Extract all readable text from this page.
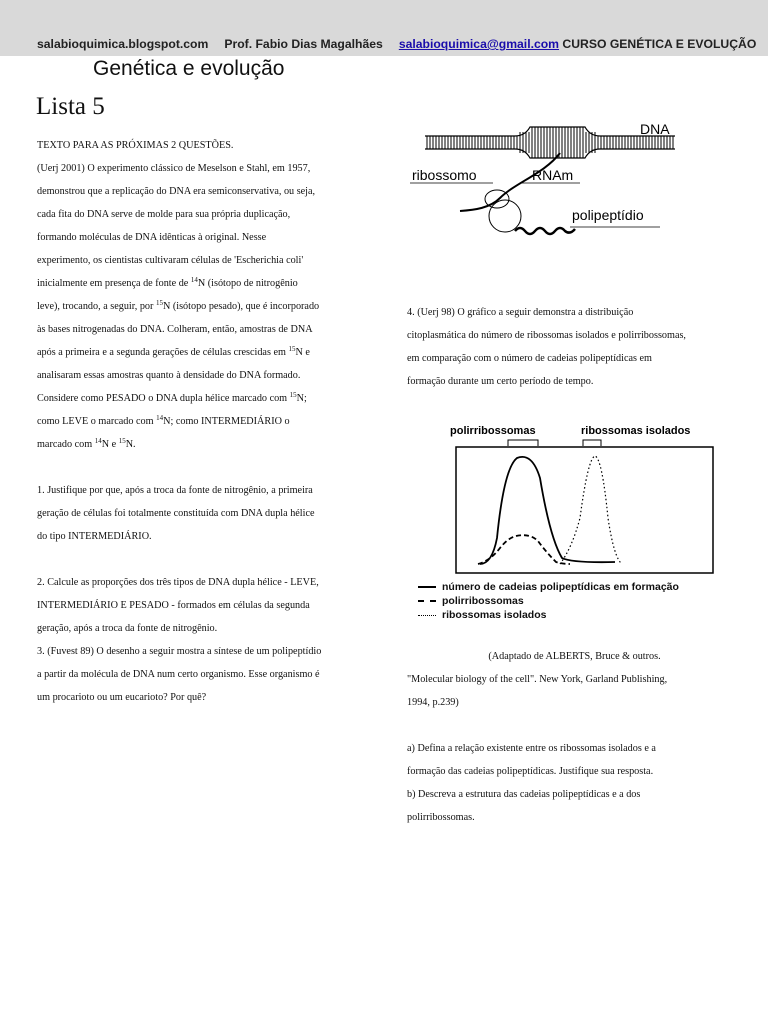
salabioquimica.blogspot.com Prof. Fabio Dias Magalhães salabioquimica@gmail.com CURSO GENÉTICA E EVOLUÇÃO
Genética e evolução
Lista 5

TEXTO PARA AS PRÓXIMAS 2 QUESTÕES.

(Uerj 2001) O experimento clássico de Meselson e Stahl, em 1957,

demonstrou que a replicação do DNA era semiconservativa, ou seja,

cada fita do DNA serve de molde para sua própria duplicação,

formando moléculas de DNA idênticas à original. Nesse

experimento, os cientistas cultivaram células de 'Escherichia coli'

inicialmente em presença de fonte de $^{14}$N (isótopo de nitrogênio

leve), trocando, a seguir, por $^{15}$N (isótopo pesado), que é incorporado

às bases nitrogenadas do DNA. Colheram, então, amostras de DNA

após a primeira e a segunda gerações de células crescidas em $^{15}$N e

analisaram essas amostras quanto à densidade do DNA formado.

Considere como PESADO o DNA dupla hélice marcado com $^{15}$N;

como LEVE o marcado com $^{14}$N; como INTERMEDIÁRIO o

marcado com $^{14}$N e $^{15}$N.

1. Justifique por que, após a troca da fonte de nitrogênio, a primeira

geração de células foi totalmente constituída com DNA dupla hélice

do tipo INTERMEDIÁRIO.

2. Calcule as proporções dos três tipos de DNA dupla hélice - LEVE,

INTERMEDIÁRIO E PESADO - formados em células da segunda

geração, após a troca da fonte de nitrogênio.

3. (Fuvest 89) O desenho a seguir mostra a síntese de um polipeptídio

a partir da molécula de DNA num certo organismo. Esse organismo é

um procarioto ou um eucarioto? Por quê?

DNA
ribossomo	RNAm
polipeptídio

4. (Uerj 98) O gráfico a seguir demonstra a distribuição

citoplasmática do número de ribossomas isolados e polirribossomas,

em comparação com o número de cadeias polipeptídicas em

formação durante um certo período de tempo.

polirribossomas	ribossomas isolados
número de cadeias polipeptídicas em formação
polirribossomas
ribossomas isolados

(Adaptado de ALBERTS, Bruce & outros.

"Molecular biology of the cell". New York, Garland Publishing,

1994, p.239)

a) Defina a relação existente entre os ribossomas isolados e a

formação das cadeias polipeptídicas. Justifique sua resposta.

b) Descreva a estrutura das cadeias polipeptídicas e a dos

polirribossomas.
